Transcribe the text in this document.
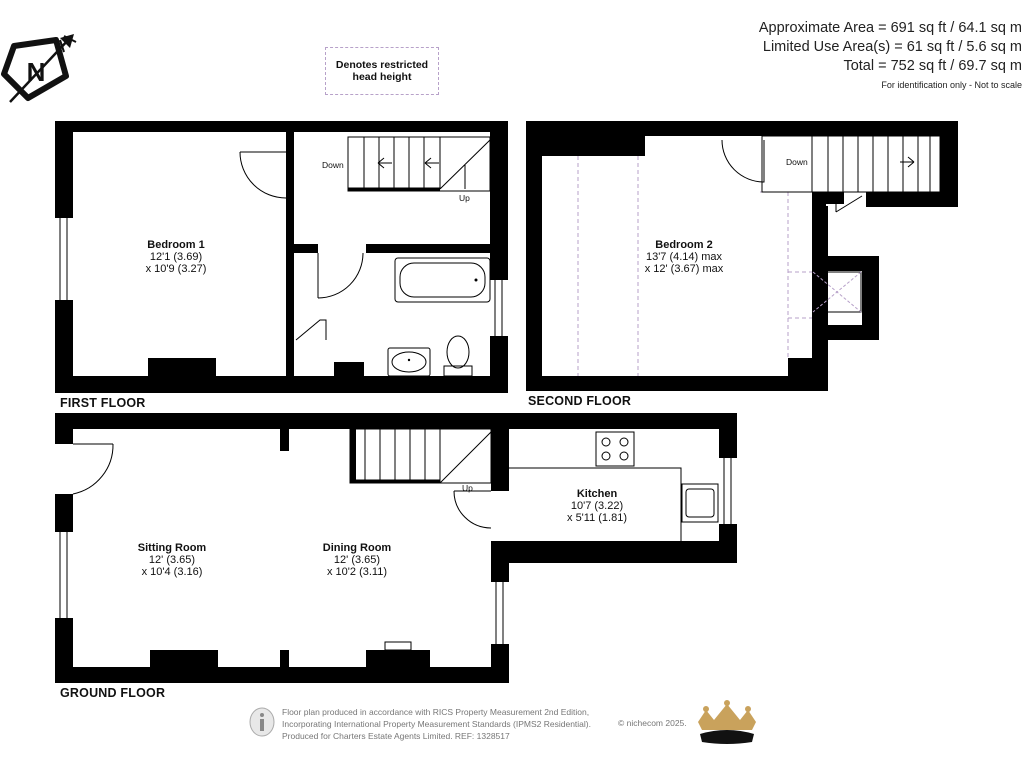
Approximate Area = 691 sq ft / 64.1 sq m
Limited Use Area(s) = 61 sq ft / 5.6 sq m
Total = 752 sq ft / 69.7 sq m
For identification only - Not to scale
N	Denotes restricted
head height
FIRST FLOOR	SECOND FLOOR
GROUND FLOOR
Bedroom 1
12'1 (3.69)
x 10'9 (3.27)
Bedroom 2
13'7 (4.14) max
x 12' (3.67) max
Sitting Room
12' (3.65)
x 10'4 (3.16)
Dining Room
12' (3.65)
x 10'2 (3.11)
Kitchen
10'7 (3.22)
x 5'11 (1.81)
Down
Up
Down
Up
Floor plan produced in accordance with RICS Property Measurement 2nd Edition,
Incorporating International Property Measurement Standards (IPMS2 Residential).
Produced for Charters Estate Agents Limited. REF: 1328517
© nichecom 2025.
